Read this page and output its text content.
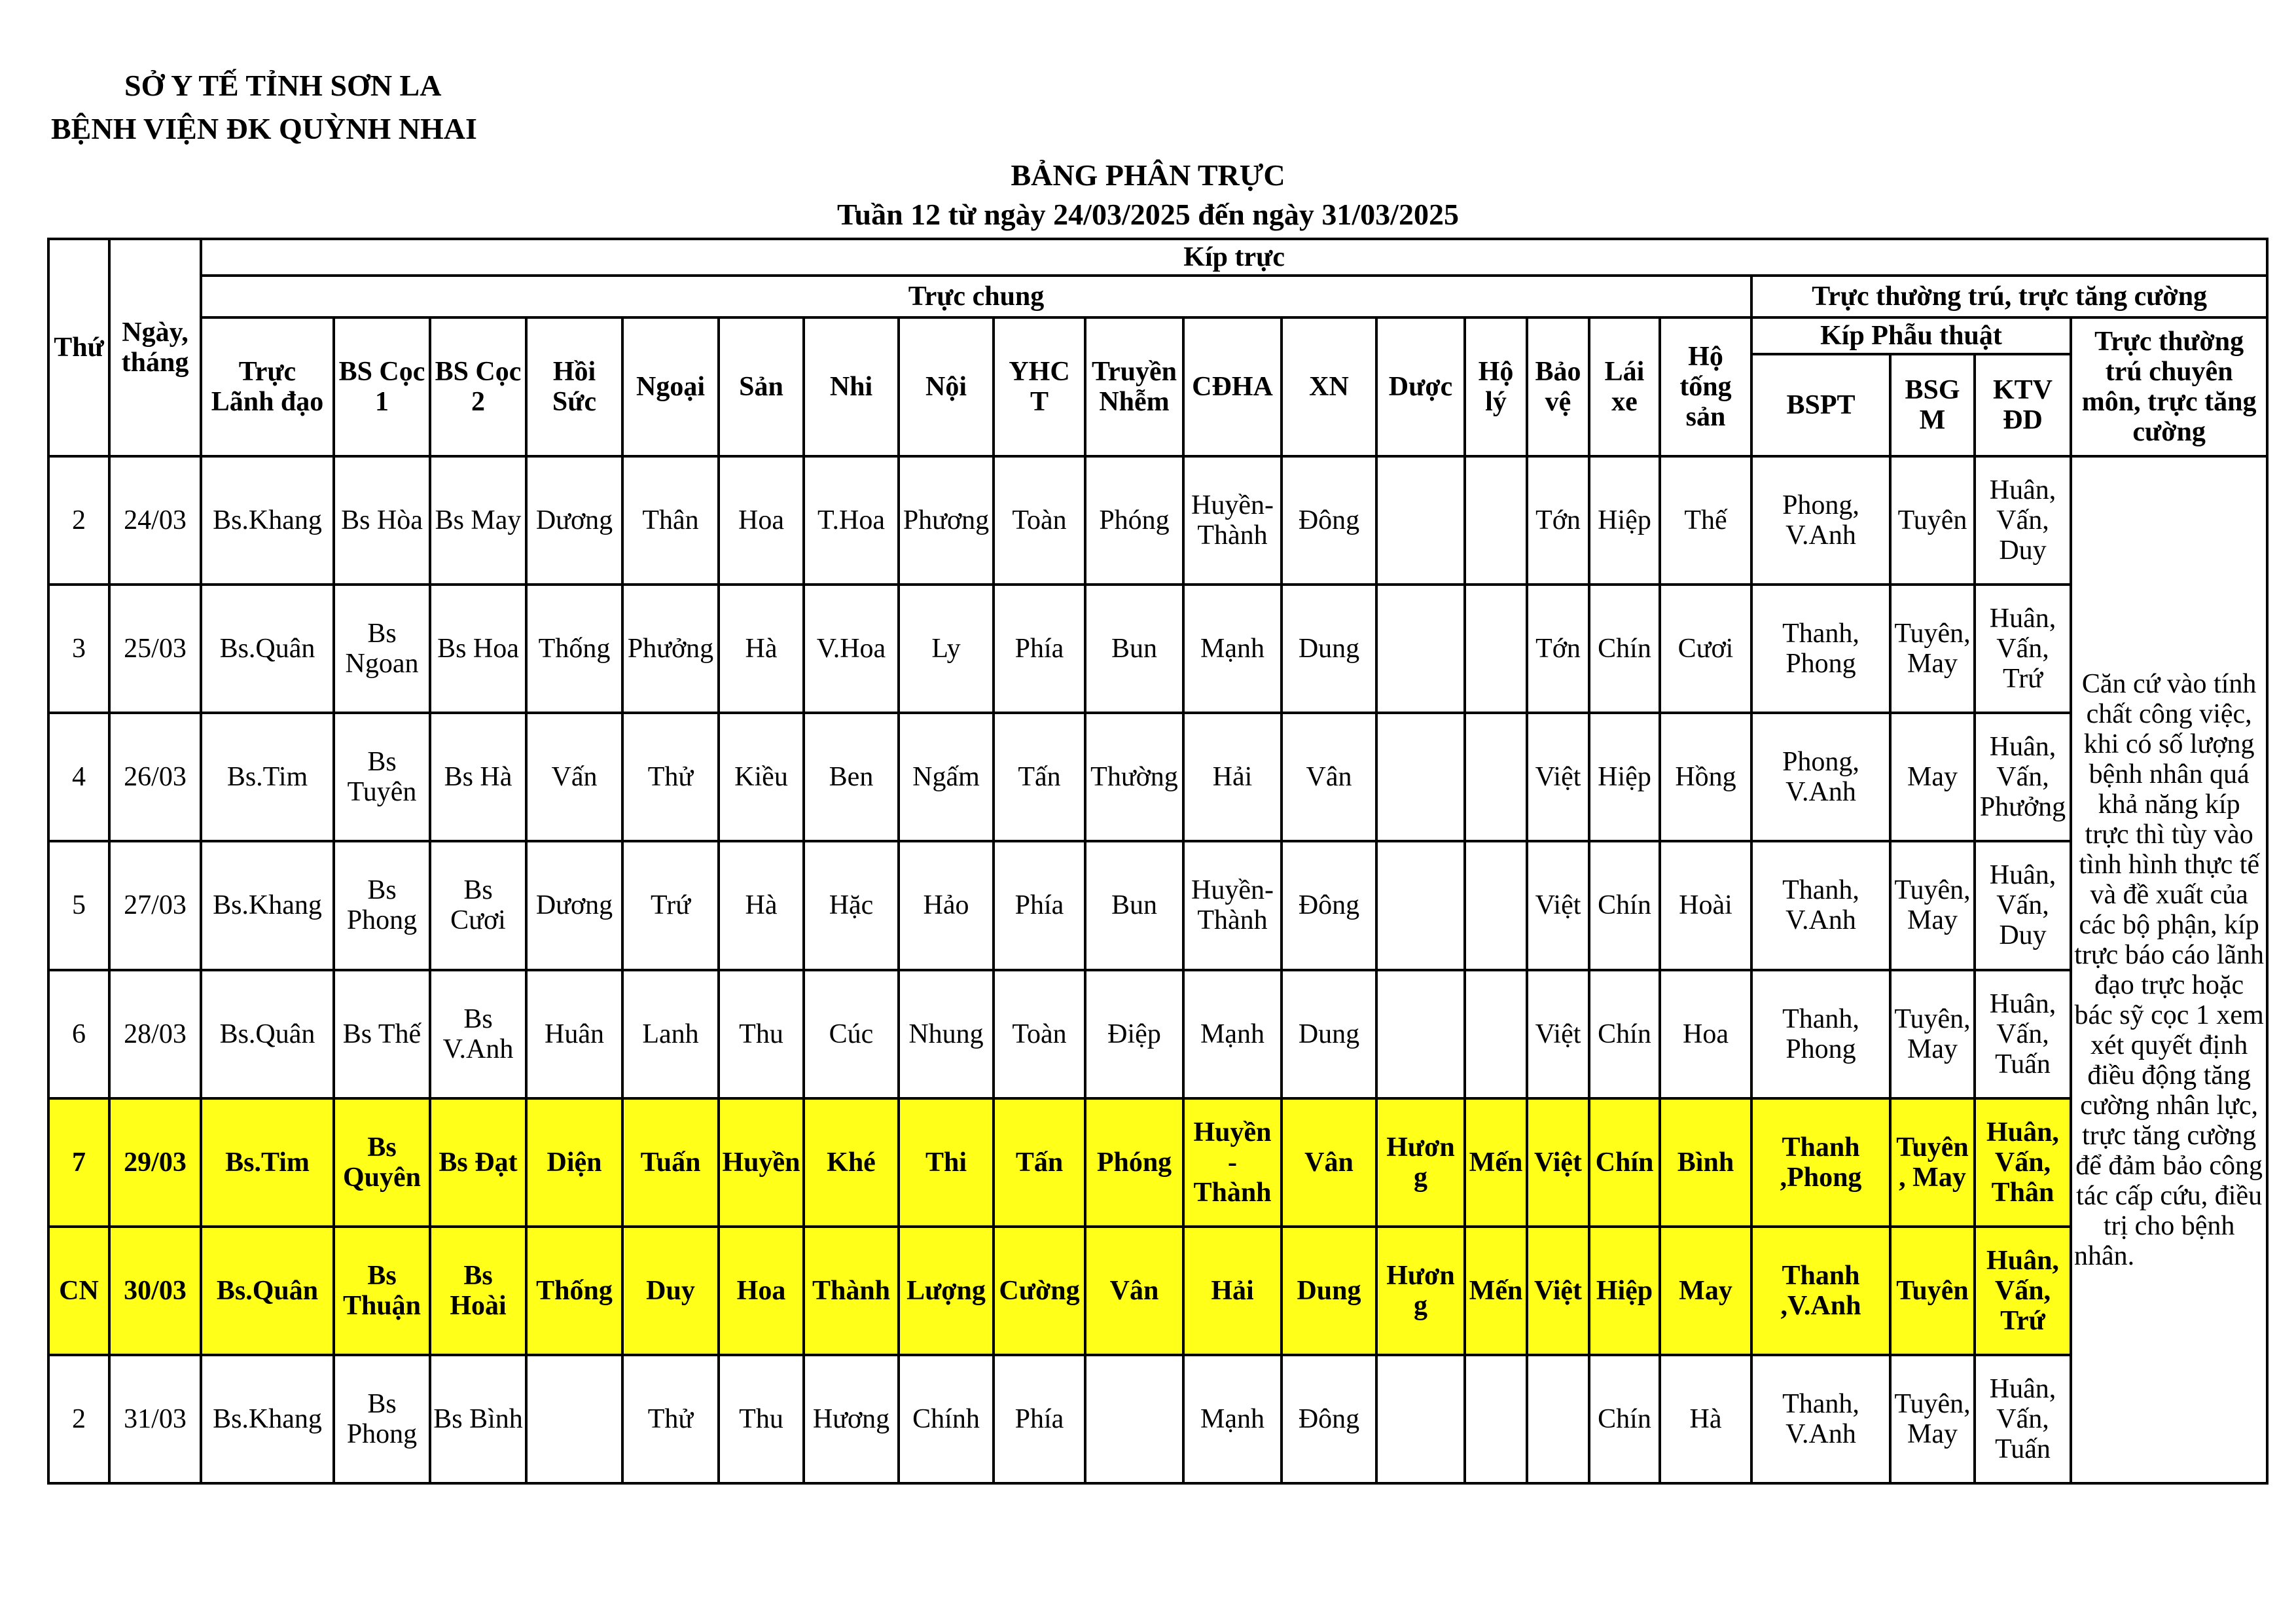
SỞ Y TẾ TỈNH SƠN LA
BỆNH VIỆN ĐK QUỲNH NHAI
BẢNG PHÂN TRỰC
Tuần 12 từ ngày 24/03/2025 đến ngày 31/03/2025
Thứ	Ngày, tháng	Kíp trực																				
		Trực chung																	Trực thường trú, trực tăng cường			
		Trực Lãnh đạo	BS Cọc 1	BS Cọc 2	Hồi Sức	Ngoại	Sản	Nhi	Nội	YHC T	Truyền Nhễm	CĐHA	XN	Dược	Hộ lý	Bảo vệ	Lái xe	Hộ tống sản	Kíp Phẫu thuật			Trực thường trú chuyên môn, trực tăng cường
																			BSPT	BSG M	KTV ĐD	
2	24/03	Bs.Khang	Bs Hòa	Bs May	Dương	Thân	Hoa	T.Hoa	Phương	Toàn	Phóng	Huyền-Thành	Đông			Tớn	Hiệp	Thế	Phong, V.Anh	Tuyên	Huân, Vấn, Duy	Căn cứ vào tính chất công việc, khi có số lượng bệnh nhân quá khả năng kíp trực thì tùy vào tình hình thực tế và đề xuất của các bộ phận, kíp trực báo cáo lãnh đạo trực hoặc bác sỹ cọc 1 xem xét quyết định điều động tăng cường nhân lực, trực tăng cường để đảm bảo công tác cấp cứu, điều trị cho bệnh nhân.
3	25/03	Bs.Quân	Bs Ngoan	Bs Hoa	Thống	Phưởng	Hà	V.Hoa	Ly	Phía	Bun	Mạnh	Dung			Tớn	Chín	Cươi	Thanh, Phong	Tuyên, May	Huân, Vấn, Trứ	
4	26/03	Bs.Tim	Bs Tuyên	Bs Hà	Vấn	Thử	Kiều	Ben	Ngấm	Tấn	Thường	Hải	Vân			Việt	Hiệp	Hồng	Phong, V.Anh	May	Huân, Vấn, Phưởng	
5	27/03	Bs.Khang	Bs Phong	Bs Cươi	Dương	Trứ	Hà	Hặc	Hảo	Phía	Bun	Huyền-Thành	Đông			Việt	Chín	Hoài	Thanh, V.Anh	Tuyên, May	Huân, Vấn, Duy	
6	28/03	Bs.Quân	Bs Thế	Bs V.Anh	Huân	Lanh	Thu	Cúc	Nhung	Toàn	Điệp	Mạnh	Dung			Việt	Chín	Hoa	Thanh, Phong	Tuyên, May	Huân, Vấn, Tuấn	
7	29/03	Bs.Tim	Bs Quyên	Bs Đạt	Diện	Tuấn	Huyền	Khé	Thi	Tấn	Phóng	Huyền - Thành	Vân	Hương	Mến	Việt	Chín	Bình	Thanh ,Phong	Tuyên , May	Huân, Vấn, Thân	
CN	30/03	Bs.Quân	Bs Thuận	Bs Hoài	Thống	Duy	Hoa	Thành	Lượng	Cường	Vân	Hải	Dung	Hương	Mến	Việt	Hiệp	May	Thanh ,V.Anh	Tuyên	Huân, Vấn, Trứ	
2	31/03	Bs.Khang	Bs Phong	Bs Bình		Thử	Thu	Hương	Chính	Phía		Mạnh	Đông				Chín	Hà	Thanh, V.Anh	Tuyên, May	Huân, Vấn, Tuấn	
